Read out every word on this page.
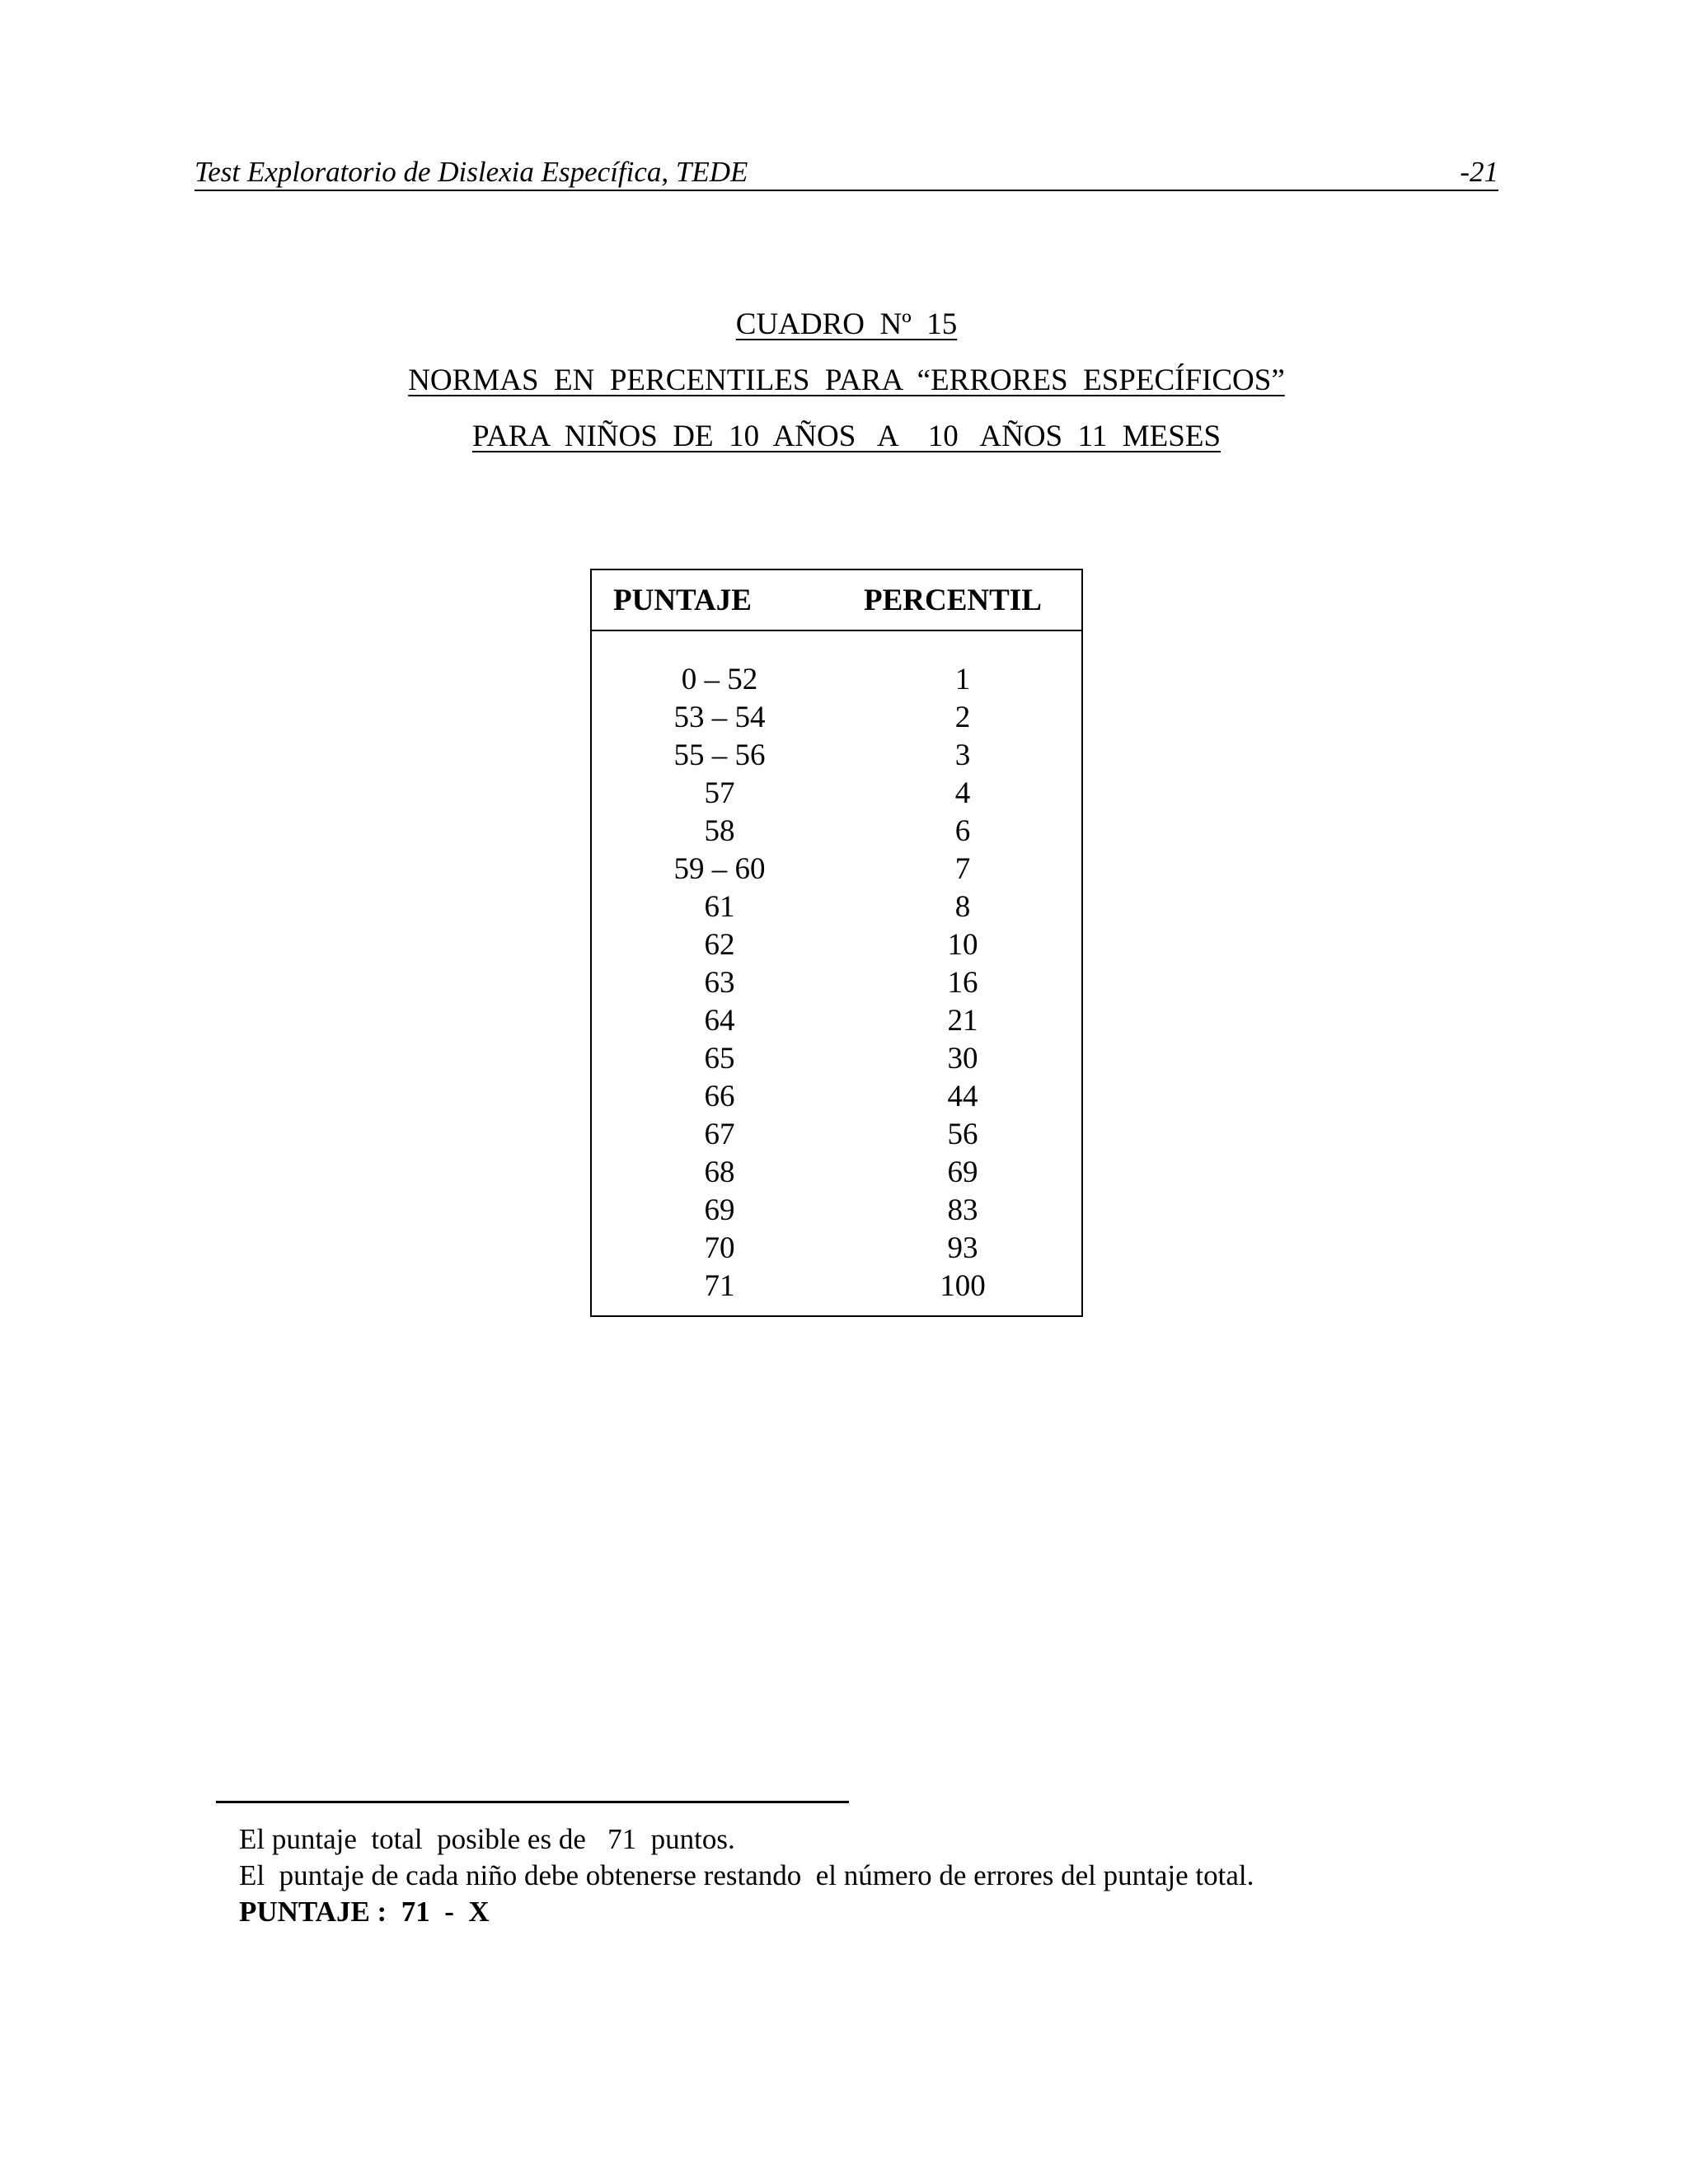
Test Exploratorio de Dislexia Específica, TEDE	-21
CUADRO  Nº  15
NORMAS  EN  PERCENTILES  PARA  “ERRORES  ESPECÍFICOS”
PARA  NIÑOS  DE  10  AÑOS   A    10   AÑOS  11  MESES
PUNTAJE	PERCENTIL
0 – 52	1
53 – 54	2
55 – 56	3
57	4
58	6
59 – 60	7
61	8
62	10
63	16
64	21
65	30
66	44
67	56
68	69
69	83
70	93
71	100
El puntaje  total  posible es de   71  puntos.
El  puntaje de cada niño debe obtenerse restando  el número de errores del puntaje total.
PUNTAJE :  71  -  X
